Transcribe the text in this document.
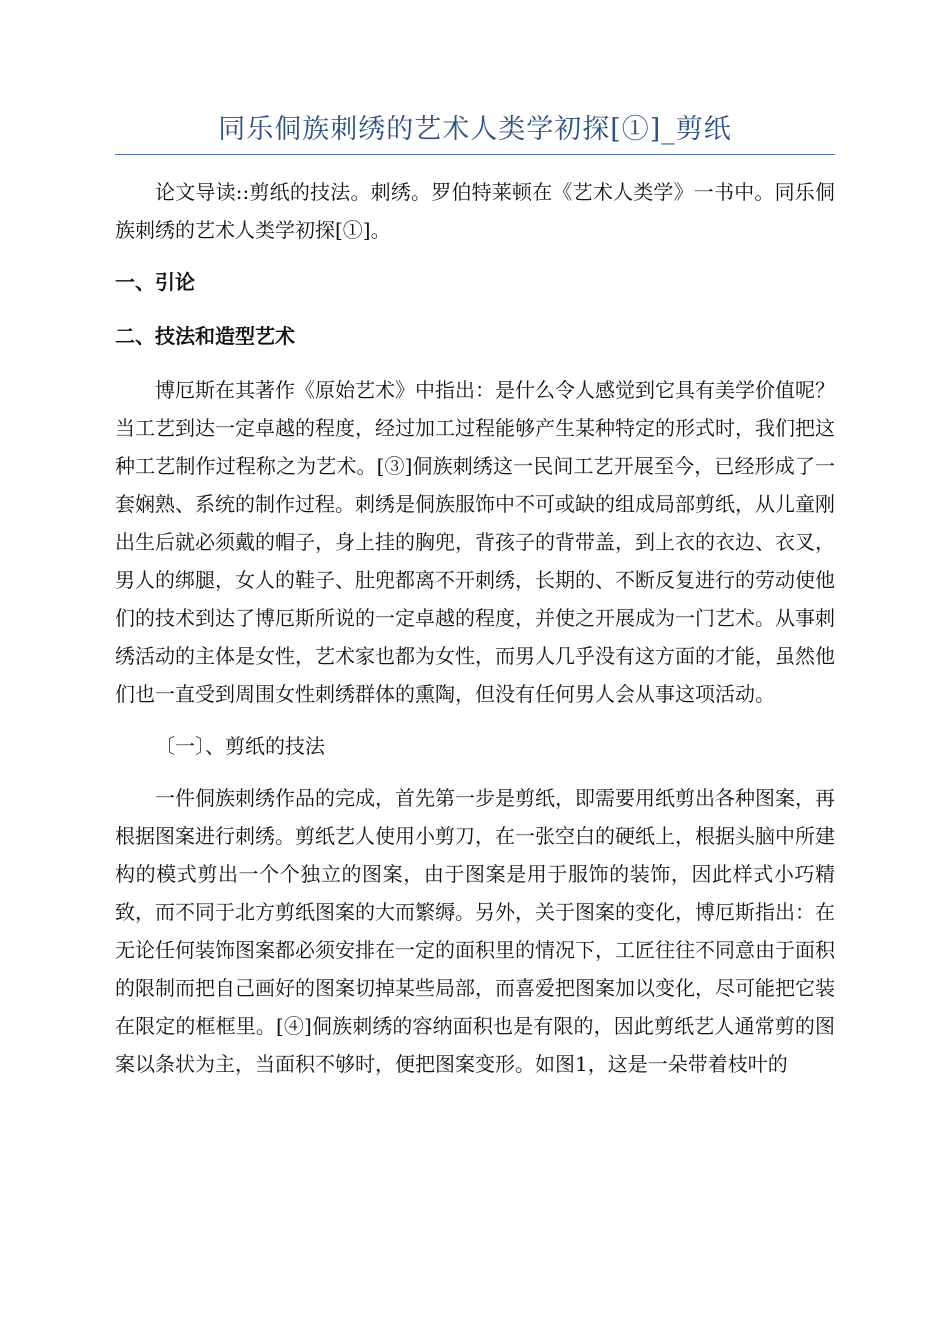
同乐侗族刺绣的艺术人类学初探[①]_剪纸

论文导读::剪纸的技法。刺绣。罗伯特莱顿在《艺术人类学》一书中。同乐侗族刺绣的艺术人类学初探[①]。

一、引论
二、技法和造型艺术

博厄斯在其著作《原始艺术》中指出：是什么令人感觉到它具有美学价值呢？当工艺到达一定卓越的程度，经过加工过程能够产生某种特定的形式时，我们把这种工艺制作过程称之为艺术。[③]侗族刺绣这一民间工艺开展至今，已经形成了一套娴熟、系统的制作过程。刺绣是侗族服饰中不可或缺的组成局部剪纸，从儿童刚出生后就必须戴的帽子，身上挂的胸兜，背孩子的背带盖，到上衣的衣边、衣叉，男人的绑腿，女人的鞋子、肚兜都离不开刺绣，长期的、不断反复进行的劳动使他们的技术到达了博厄斯所说的一定卓越的程度，并使之开展成为一门艺术。从事刺绣活动的主体是女性，艺术家也都为女性，而男人几乎没有这方面的才能，虽然他们也一直受到周围女性刺绣群体的熏陶，但没有任何男人会从事这项活动。

〔一〕、剪纸的技法

一件侗族刺绣作品的完成，首先第一步是剪纸，即需要用纸剪出各种图案，再根据图案进行刺绣。剪纸艺人使用小剪刀，在一张空白的硬纸上，根据头脑中所建构的模式剪出一个个独立的图案，由于图案是用于服饰的装饰，因此样式小巧精致，而不同于北方剪纸图案的大而繁缛。另外，关于图案的变化，博厄斯指出：在无论任何装饰图案都必须安排在一定的面积里的情况下，工匠往往不同意由于面积的限制而把自己画好的图案切掉某些局部，而喜爱把图案加以变化，尽可能把它装在限定的框框里。[④]侗族刺绣的容纳面积也是有限的，因此剪纸艺人通常剪的图案以条状为主，当面积不够时，便把图案变形。如图1，这是一朵带着枝叶的
